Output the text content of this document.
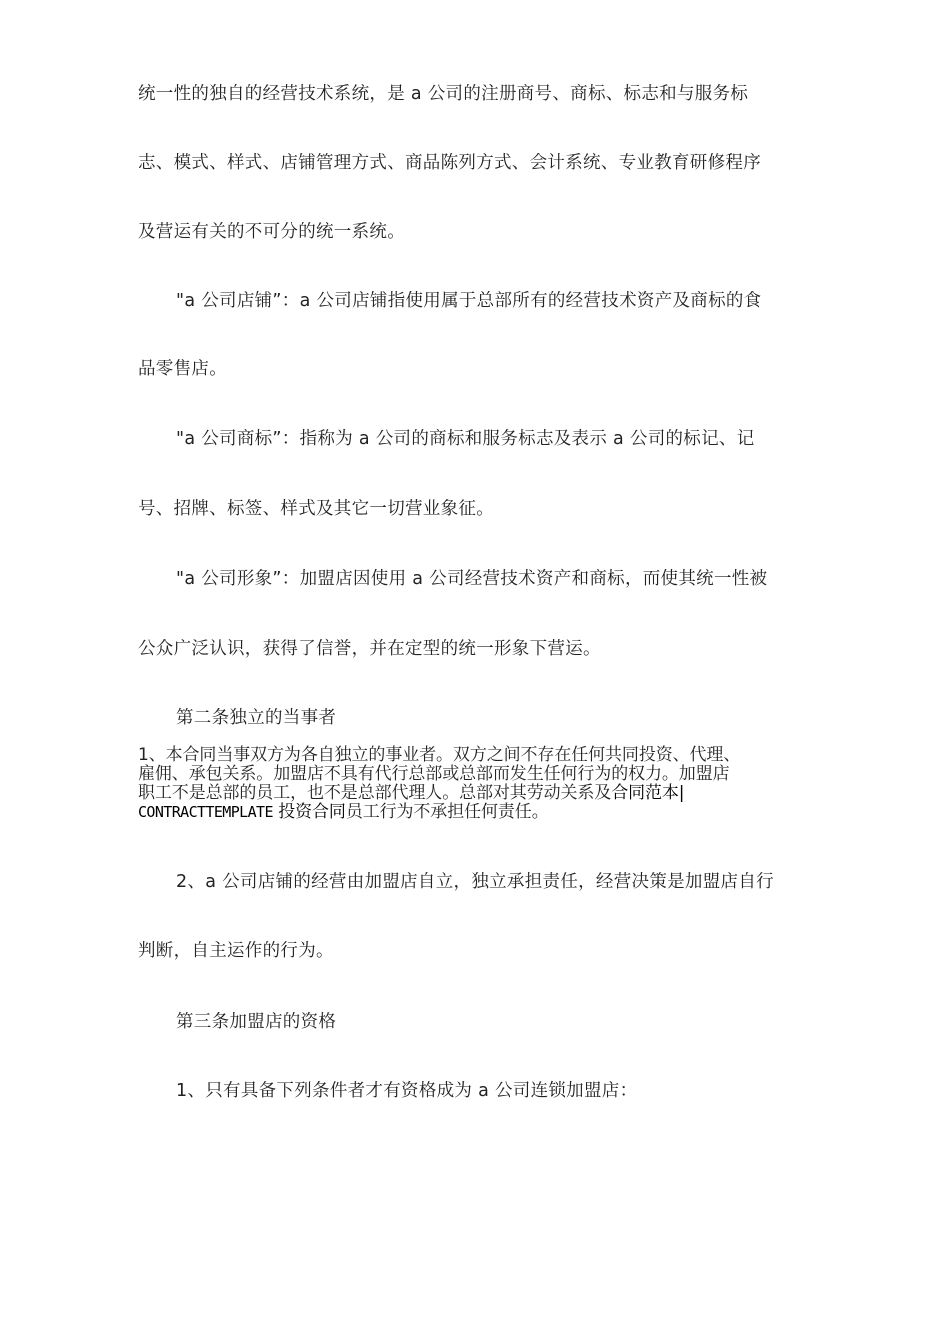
统一性的独自的经营技术系统，是 a 公司的注册商号、商标、标志和与服务标
志、模式、样式、店铺管理方式、商品陈列方式、会计系统、专业教育研修程序
及营运有关的不可分的统一系统。
"a 公司店铺”：a 公司店铺指使用属于总部所有的经营技术资产及商标的食
品零售店。
"a 公司商标”：指称为 a 公司的商标和服务标志及表示 a 公司的标记、记
号、招牌、标签、样式及其它一切营业象征。
"a 公司形象”：加盟店因使用 a 公司经营技术资产和商标，而使其统一性被
公众广泛认识，获得了信誉，并在定型的统一形象下营运。
第二条独立的当事者
1、本合同当事双方为各自独立的事业者。双方之间不存在任何共同投资、代理、
雇佣、承包关系。加盟店不具有代行总部或总部而发生任何行为的权力。加盟店
职工不是总部的员工，也不是总部代理人。总部对其劳动关系及合同范本|
CONTRACTTEMPLATE 投资合同员工行为不承担任何责任。
2、a 公司店铺的经营由加盟店自立，独立承担责任，经营决策是加盟店自行
判断，自主运作的行为。
第三条加盟店的资格
1、只有具备下列条件者才有资格成为 a 公司连锁加盟店：
